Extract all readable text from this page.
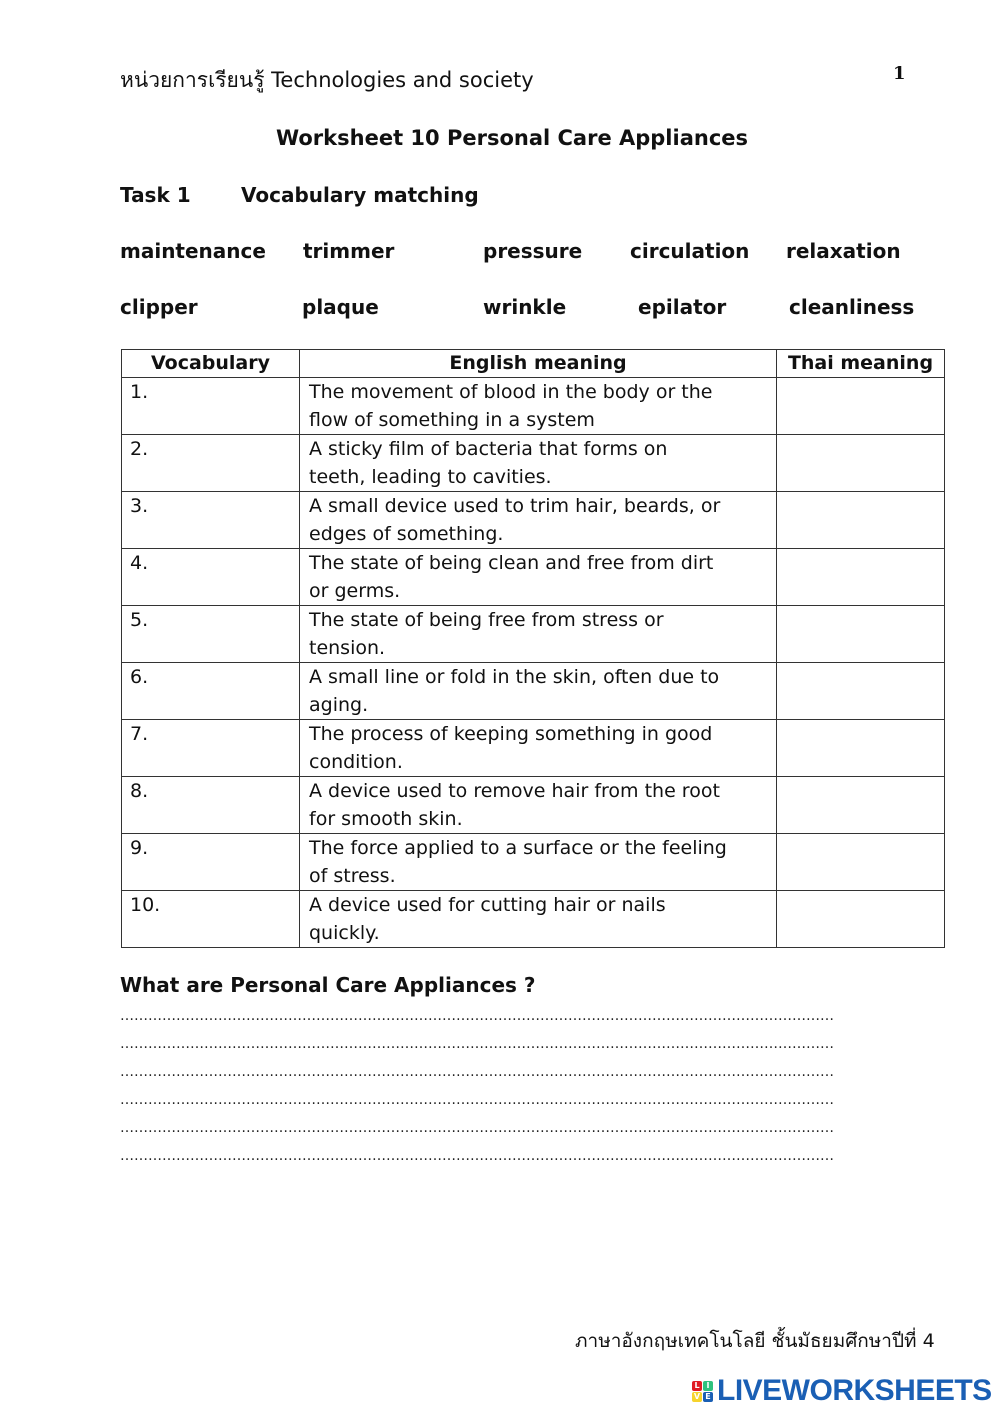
หน่วยการเรียนรู้ Technologies and society	1
Worksheet 10 Personal Care Appliances
Task 1	Vocabulary matching
maintenance trimmer	pressure circulation relaxation
clipper	plaque	wrinkle	epilator	cleanliness
Vocabulary	English meaning	Thai meaning
1.	The movement of blood in the body or the
flow of something in a system	

2.	A sticky film of bacteria that forms on
teeth, leading to cavities.	

3.	A small device used to trim hair, beards, or
edges of something.	

4.	The state of being clean and free from dirt
or germs.	

5.	The state of being free from stress or
tension.	

6.	A small line or fold in the skin, often due to
aging.	

7.	The process of keeping something in good
condition.	

8.	A device used to remove hair from the root
for smooth skin.	

9.	The force applied to a surface or the feeling
of stress.	

10.	A device used for cutting hair or nails
quickly.	

What are Personal Care Appliances ?
………………………………………………………………………………………………………………………………………
………………………………………………………………………………………………………………………………………
………………………………………………………………………………………………………………………………………
………………………………………………………………………………………………………………………………………
………………………………………………………………………………………………………………………………………
………………………………………………………………………………………………………………………………………
ภาษาอังกฤษเทคโนโลยี ชั้นมัธยมศึกษาปีที่ 4
L I
V E LIVEWORKSHEETS
